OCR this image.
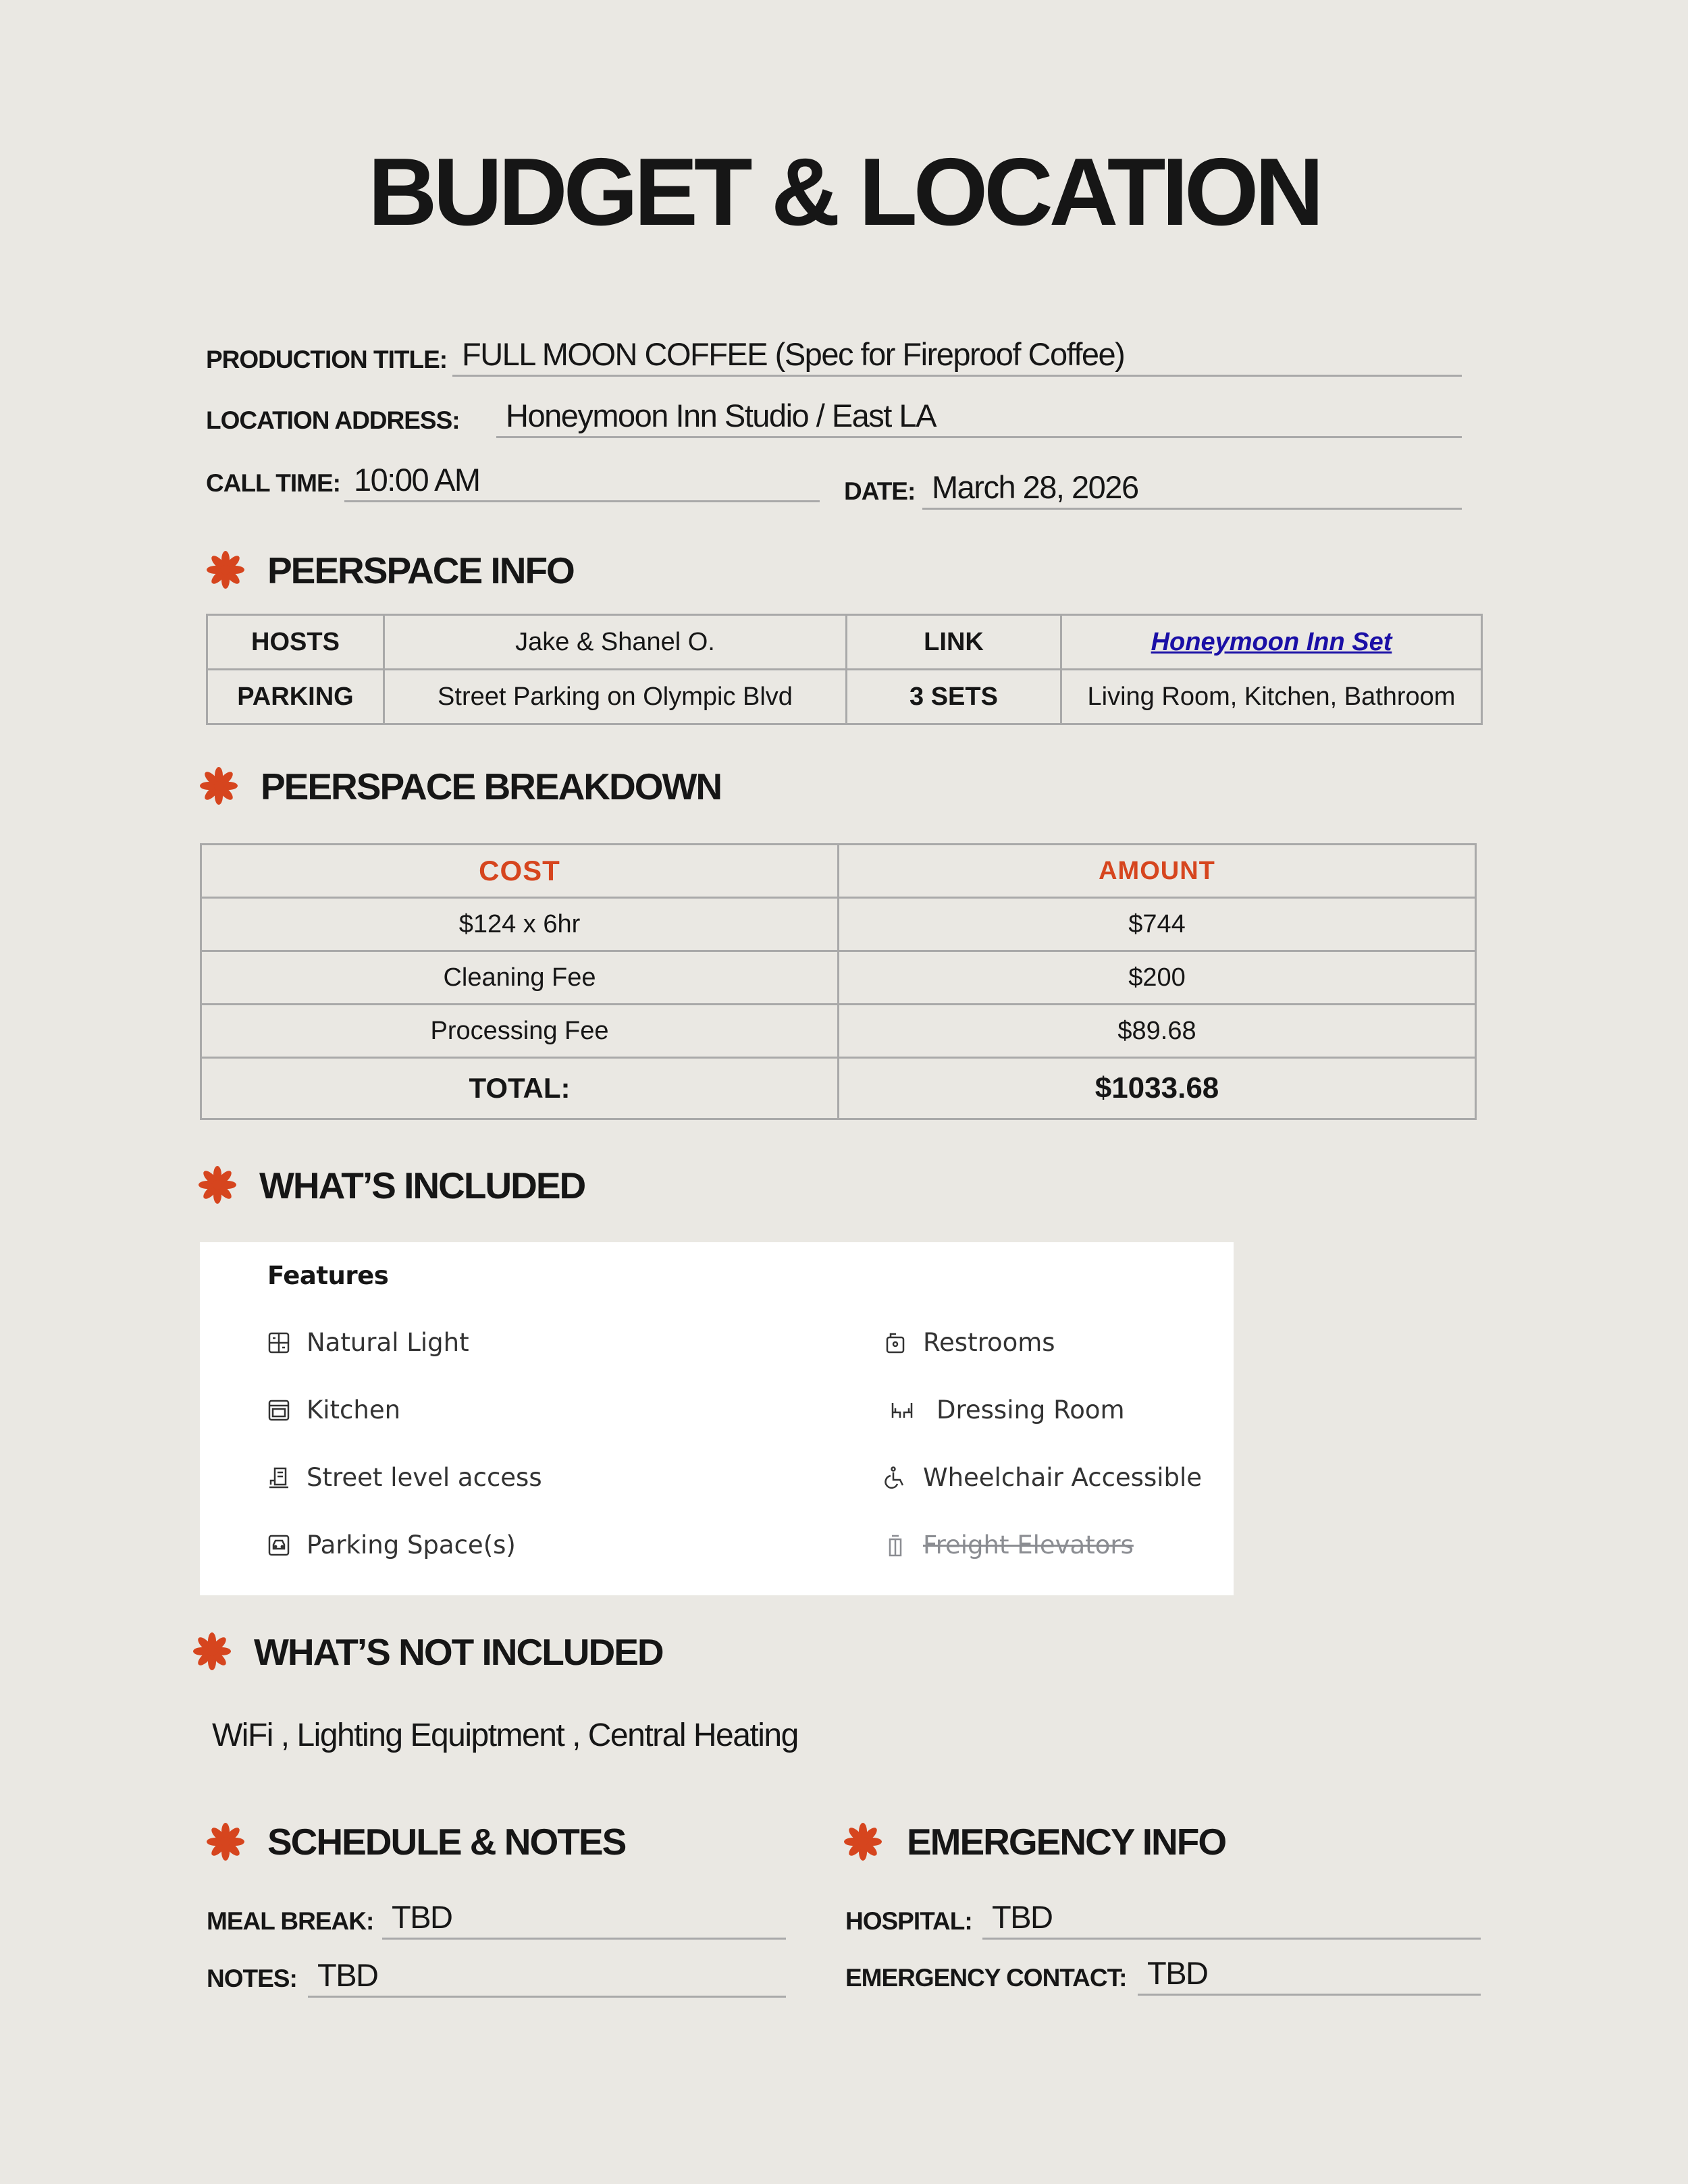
BUDGET & LOCATION
PRODUCTION TITLE: FULL MOON COFFEE (Spec for Fireproof Coffee)
LOCATION ADDRESS: Honeymoon Inn Studio / East LA
CALL TIME: 10:00 AM	DATE: March 28, 2026
PEERSPACE INFO
HOSTS	Jake & Shanel O.	LINK	Honeymoon Inn Set
PARKING	Street Parking on Olympic Blvd	3 SETS	Living Room, Kitchen, Bathroom
PEERSPACE BREAKDOWN
COST	AMOUNT
$124 x 6hr	$744
Cleaning Fee	$200
Processing Fee	$89.68
TOTAL:	$1033.68
WHAT’S INCLUDED
Features
Natural Light	Restrooms
Kitchen	Dressing Room
Street level access	Wheelchair Accessible
Parking Space(s)	Freight Elevators
WHAT’S NOT INCLUDED
WiFi , Lighting Equiptment , Central Heating
SCHEDULE & NOTES
MEAL BREAK: TBD
NOTES: TBD
EMERGENCY INFO
HOSPITAL: TBD
EMERGENCY CONTACT: TBD
